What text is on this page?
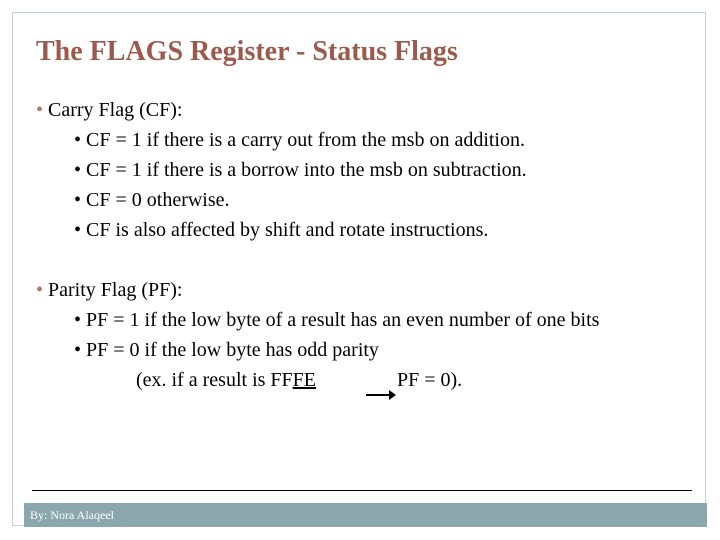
The FLAGS Register - Status Flags
• Carry Flag (CF):
• CF = 1 if there is a carry out from the msb on addition.
• CF = 1 if there is a borrow into the msb on subtraction.
• CF = 0 otherwise.
• CF is also affected by shift and rotate instructions.
• Parity Flag (PF):
• PF = 1 if the low byte of a result has an even number of one bits
• PF = 0 if the low byte has odd parity
(ex. if a result is FFFE	PF = 0).
By: Nora Alaqeel
